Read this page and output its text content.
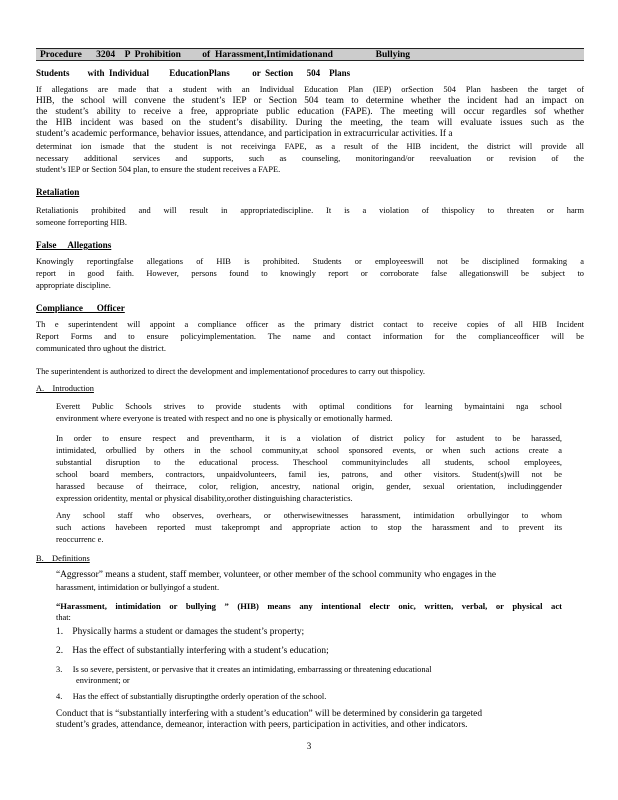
Procedure      3204    P  Prohibition         of  Harassment,Intimidationand                  Bullying
Students        with  Individual         EducationPlans          or  Section      504    Plans
If allegations are made that a student with an Individual Education Plan (IEP) orSection 504 Plan hasbeen the target of
HIB, the school will convene the student’s IEP or Section 504 team to determine whether the incident had an impact on
the student’s ability to receive a free, appropriate public education (FAPE). The meeting will occur regardles sof whether
the HIB incident was based on the student’s disability. During the meeting, the team will evaluate issues such as the
student’s academic performance, behavior issues, attendance, and participation in extracurricular activities. If a
determinat ion ismade that the student is not receivinga FAPE, as a result of the HIB incident, the district will provide all
necessary additional services and supports, such as counseling, monitoringand/or reevaluation or revision of the
student’s IEP or Section 504 plan, to ensure the student receives a FAPE.
Retaliation
Retaliationis prohibited and will result in appropriatediscipline. It is a violation of thispolicy to threaten or harm
someone forreporting HIB.
False     Allegations
Knowingly reportingfalse allegations of HIB is prohibited. Students or employeeswill not be disciplined formaking a
report in good faith. However, persons found to knowingly report or corroborate false allegationswill be subject to
appropriate discipline.
Compliance      Officer
Th e superintendent will appoint a compliance officer as the primary district contact to receive copies of all HIB Incident
Report Forms and to ensure policyimplementation. The name and contact information for the complianceofficer will be
communicated thro ughout the district.
The superintendent is authorized to direct the development and implementationof procedures to carry out thispolicy.
A.    Introduction
Everett Public Schools strives to provide students with optimal conditions for learning bymaintaini nga school
environment where everyone is treated with respect and no one is physically or emotionally harmed.
In order to ensure respect and preventharm, it is a violation of district policy for astudent to be harassed,
intimidated, orbullied by others in the school community,at school sponsored events, or when such actions create a
substantial disruption to the educational process. Theschool communityincludes all students, school employees,
school board members, contractors, unpaidvolunteers, famil ies, patrons, and other visitors. Student(s)will not be
harassed because of theirrace, color, religion, ancestry, national origin, gender, sexual orientation, includinggender
expression oridentity, mental or physical disability,orother distinguishing characteristics.
Any school staff who observes, overhears, or otherwisewitnesses harassment, intimidation orbullyingor to whom
such actions havebeen reported must takeprompt and appropriate action to stop the harassment and to prevent its
reoccurrenc e.
B.    Definitions
“Aggressor” means a student, staff member, volunteer, or other member of the school community who engages in the
harassment, intimidation or bullyingof a student.
“Harassment, intimidation or bullying ” (HIB) means any intentional electr onic, written, verbal, or physical act
that:
1. Physically harms a student or damages the student’s property;
2. Has the effect of substantially interfering with a student’s education;
3. Is so severe, persistent, or pervasive that it creates an intimidating, embarrassing or threatening educational
environment; or
4. Has the effect of substantially disruptingthe orderly operation of the school.
Conduct that is “substantially interfering with a student’s education” will be determined by considerin ga targeted
student’s grades, attendance, demeanor, interaction with peers, participation in activities, and other indicators.
3
